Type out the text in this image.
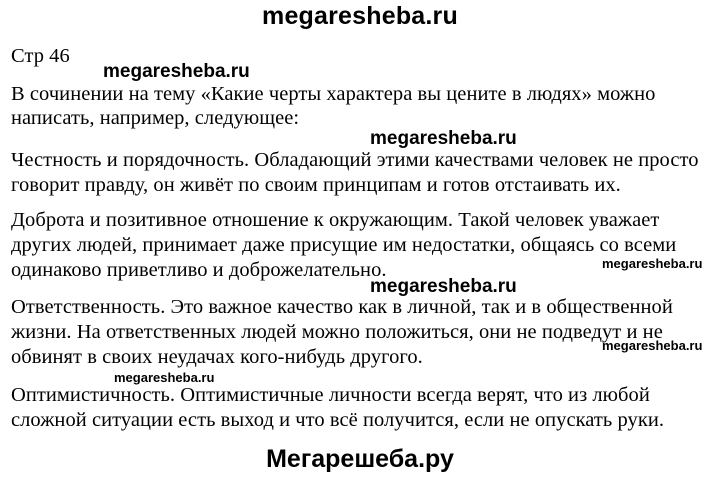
megaresheba.ru
Стр 46
megaresheba.ru
В сочинении на тему «Какие черты характера вы цените в людях» можно
написать, например, следующее:
megaresheba.ru
Честность и порядочность. Обладающий этими качествами человек не просто
говорит правду, он живёт по своим принципам и готов отстаивать их.
Доброта и позитивное отношение к окружающим. Такой человек уважает
других людей, принимает даже присущие им недостатки, общаясь со всеми
одинаково приветливо и доброжелательно.	megaresheba.ru
megaresheba.ru
Ответственность. Это важное качество как в личной, так и в общественной
жизни. На ответственных людей можно положиться, они не подведут и не
обвинят в своих неудачах кого-нибудь другого.
megaresheba.ru
megaresheba.ru
Оптимистичность. Оптимистичные личности всегда верят, что из любой
сложной ситуации есть выход и что всё получится, если не опускать руки.
Мегарешеба.ру
